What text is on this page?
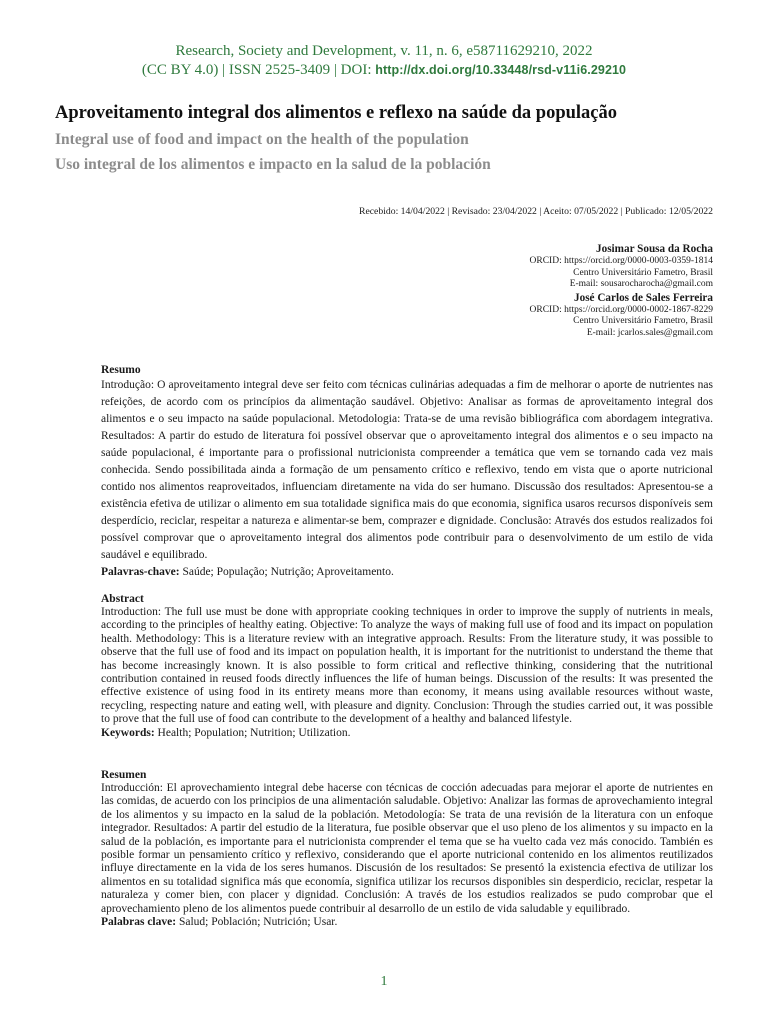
Research, Society and Development, v. 11, n. 6, e58711629210, 2022
(CC BY 4.0) | ISSN 2525-3409 | DOI: http://dx.doi.org/10.33448/rsd-v11i6.29210
Aproveitamento integral dos alimentos e reflexo na saúde da população
Integral use of food and impact on the health of the population
Uso integral de los alimentos e impacto en la salud de la población
Recebido: 14/04/2022 | Revisado: 23/04/2022 | Aceito: 07/05/2022 | Publicado: 12/05/2022
Josimar Sousa da Rocha
ORCID: https://orcid.org/0000-0003-0359-1814
Centro Universitário Fametro, Brasil
E-mail: sousarocharocha@gmail.com
José Carlos de Sales Ferreira
ORCID: https://orcid.org/0000-0002-1867-8229
Centro Universitário Fametro, Brasil
E-mail: jcarlos.sales@gmail.com
Resumo

Introdução: O aproveitamento integral deve ser feito com técnicas culinárias adequadas a fim de melhorar o aporte de nutrientes nas refeições, de acordo com os princípios da alimentação saudável. Objetivo: Analisar as formas de aproveitamento integral dos alimentos e o seu impacto na saúde populacional. Metodologia: Trata-se de uma revisão bibliográfica com abordagem integrativa. Resultados: A partir do estudo de literatura foi possível observar que o aproveitamento integral dos alimentos e o seu impacto na saúde populacional, é importante para o profissional nutricionista compreender a temática que vem se tornando cada vez mais conhecida. Sendo possibilitada ainda a formação de um pensamento crítico e reflexivo, tendo em vista que o aporte nutricional contido nos alimentos reaproveitados, influenciam diretamente na vida do ser humano. Discussão dos resultados: Apresentou-se a existência efetiva de utilizar o alimento em sua totalidade significa mais do que economia, significa usaros recursos disponíveis sem desperdício, reciclar, respeitar a natureza e alimentar-se bem, comprazer e dignidade. Conclusão: Através dos estudos realizados foi possível comprovar que o aproveitamento integral dos alimentos pode contribuir para o desenvolvimento de um estilo de vida saudável e equilibrado.

Palavras-chave: Saúde; População; Nutrição; Aproveitamento.

Abstract

Introduction: The full use must be done with appropriate cooking techniques in order to improve the supply of nutrients in meals, according to the principles of healthy eating. Objective: To analyze the ways of making full use of food and its impact on population health. Methodology: This is a literature review with an integrative approach. Results: From the literature study, it was possible to observe that the full use of food and its impact on population health, it is important for the nutritionist to understand the theme that has become increasingly known. It is also possible to form critical and reflective thinking, considering that the nutritional contribution contained in reused foods directly influences the life of human beings. Discussion of the results: It was presented the effective existence of using food in its entirety means more than economy, it means using available resources without waste, recycling, respecting nature and eating well, with pleasure and dignity. Conclusion: Through the studies carried out, it was possible to prove that the full use of food can contribute to the development of a healthy and balanced lifestyle.

Keywords: Health; Population; Nutrition; Utilization.

Resumen

Introducción: El aprovechamiento integral debe hacerse con técnicas de cocción adecuadas para mejorar el aporte de nutrientes en las comidas, de acuerdo con los principios de una alimentación saludable. Objetivo: Analizar las formas de aprovechamiento integral de los alimentos y su impacto en la salud de la población. Metodología: Se trata de una revisión de la literatura con un enfoque integrador. Resultados: A partir del estudio de la literatura, fue posible observar que el uso pleno de los alimentos y su impacto en la salud de la población, es importante para el nutricionista comprender el tema que se ha vuelto cada vez más conocido. También es posible formar un pensamiento crítico y reflexivo, considerando que el aporte nutricional contenido en los alimentos reutilizados influye directamente en la vida de los seres humanos. Discusión de los resultados: Se presentó la existencia efectiva de utilizar los alimentos en su totalidad significa más que economía, significa utilizar los recursos disponibles sin desperdicio, reciclar, respetar la naturaleza y comer bien, con placer y dignidad. Conclusión: A través de los estudios realizados se pudo comprobar que el aprovechamiento pleno de los alimentos puede contribuir al desarrollo de un estilo de vida saludable y equilibrado.

Palabras clave: Salud; Población; Nutrición; Usar.

1
